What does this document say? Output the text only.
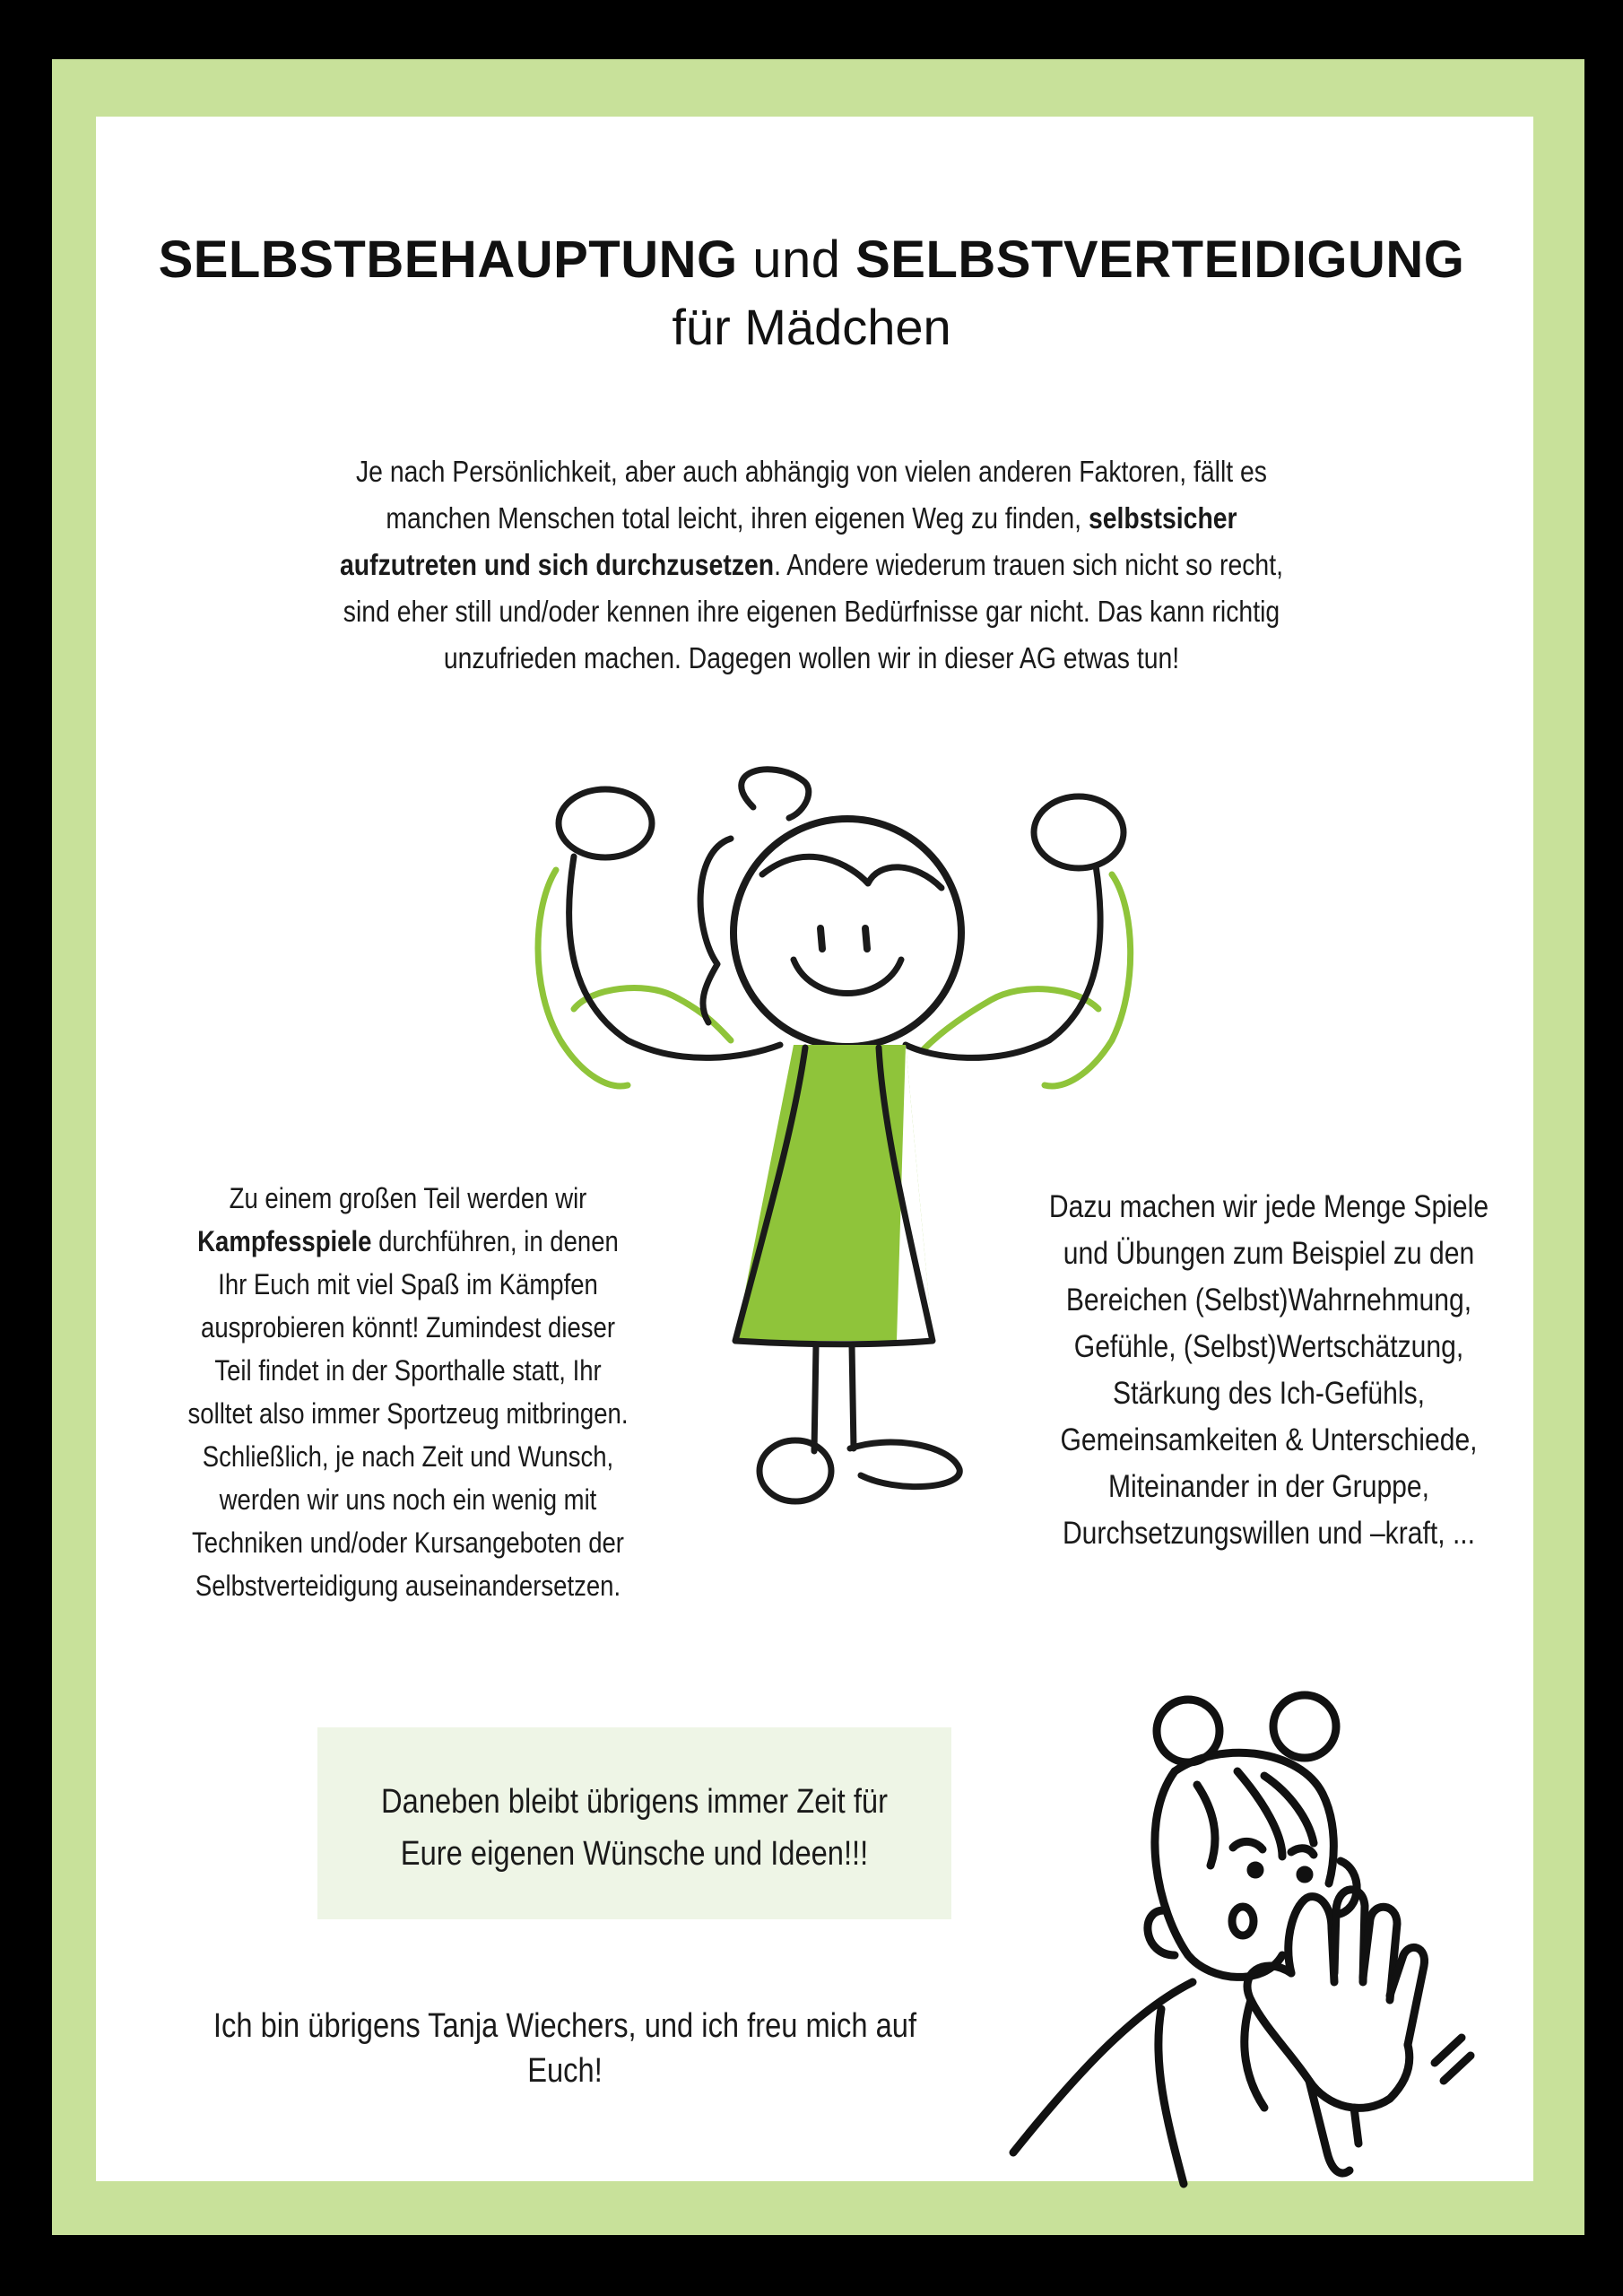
SELBSTBEHAUPTUNG und SELBSTVERTEIDIGUNG
für Mädchen
Je nach Persönlichkeit, aber auch abhängig von vielen anderen Faktoren, fällt es manchen Menschen total leicht, ihren eigenen Weg zu finden, selbstsicher aufzutreten und sich durchzusetzen. Andere wiederum trauen sich nicht so recht, sind eher still und/oder kennen ihre eigenen Bedürfnisse gar nicht. Das kann richtig unzufrieden machen. Dagegen wollen wir in dieser AG etwas tun!
Zu einem großen Teil werden wir Kampfesspiele durchführen, in denen Ihr Euch mit viel Spaß im Kämpfen ausprobieren könnt! Zumindest dieser Teil findet in der Sporthalle statt, Ihr solltet also immer Sportzeug mitbringen. Schließlich, je nach Zeit und Wunsch, werden wir uns noch ein wenig mit Techniken und/oder Kursangeboten der Selbstverteidigung auseinandersetzen.
Dazu machen wir jede Menge Spiele und Übungen zum Beispiel zu den Bereichen (Selbst)Wahrnehmung, Gefühle, (Selbst)Wertschätzung, Stärkung des Ich-Gefühls, Gemeinsamkeiten & Unterschiede, Miteinander in der Gruppe, Durchsetzungswillen und –kraft, ...
Daneben bleibt übrigens immer Zeit für Eure eigenen Wünsche und Ideen!!!
Ich bin übrigens Tanja Wiechers, und ich freu mich auf Euch!
